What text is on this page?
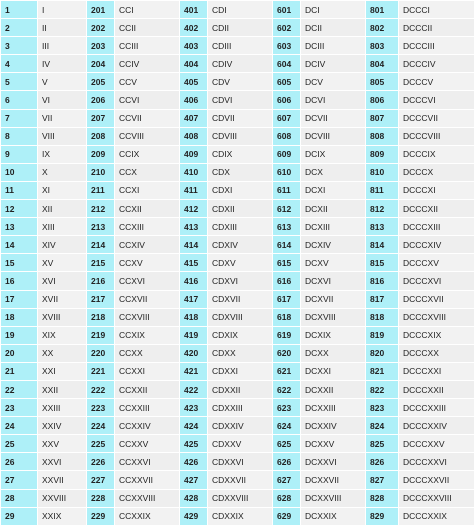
1	I	201	CCI	401	CDI	601	DCI	801	DCCCI
2	II	202	CCII	402	CDII	602	DCII	802	DCCCII
3	III	203	CCIII	403	CDIII	603	DCIII	803	DCCCIII
4	IV	204	CCIV	404	CDIV	604	DCIV	804	DCCCIV
5	V	205	CCV	405	CDV	605	DCV	805	DCCCV
6	VI	206	CCVI	406	CDVI	606	DCVI	806	DCCCVI
7	VII	207	CCVII	407	CDVII	607	DCVII	807	DCCCVII
8	VIII	208	CCVIII	408	CDVIII	608	DCVIII	808	DCCCVIII
9	IX	209	CCIX	409	CDIX	609	DCIX	809	DCCCIX
10	X	210	CCX	410	CDX	610	DCX	810	DCCCX
11	XI	211	CCXI	411	CDXI	611	DCXI	811	DCCCXI
12	XII	212	CCXII	412	CDXII	612	DCXII	812	DCCCXII
13	XIII	213	CCXIII	413	CDXIII	613	DCXIII	813	DCCCXIII
14	XIV	214	CCXIV	414	CDXIV	614	DCXIV	814	DCCCXIV
15	XV	215	CCXV	415	CDXV	615	DCXV	815	DCCCXV
16	XVI	216	CCXVI	416	CDXVI	616	DCXVI	816	DCCCXVI
17	XVII	217	CCXVII	417	CDXVII	617	DCXVII	817	DCCCXVII
18	XVIII	218	CCXVIII	418	CDXVIII	618	DCXVIII	818	DCCCXVIII
19	XIX	219	CCXIX	419	CDXIX	619	DCXIX	819	DCCCXIX
20	XX	220	CCXX	420	CDXX	620	DCXX	820	DCCCXX
21	XXI	221	CCXXI	421	CDXXI	621	DCXXI	821	DCCCXXI
22	XXII	222	CCXXII	422	CDXXII	622	DCXXII	822	DCCCXXII
23	XXIII	223	CCXXIII	423	CDXXIII	623	DCXXIII	823	DCCCXXIII
24	XXIV	224	CCXXIV	424	CDXXIV	624	DCXXIV	824	DCCCXXIV
25	XXV	225	CCXXV	425	CDXXV	625	DCXXV	825	DCCCXXV
26	XXVI	226	CCXXVI	426	CDXXVI	626	DCXXVI	826	DCCCXXVI
27	XXVII	227	CCXXVII	427	CDXXVII	627	DCXXVII	827	DCCCXXVII
28	XXVIII	228	CCXXVIII	428	CDXXVIII	628	DCXXVIII	828	DCCCXXVIII
29	XXIX	229	CCXXIX	429	CDXXIX	629	DCXXIX	829	DCCCXXIX
